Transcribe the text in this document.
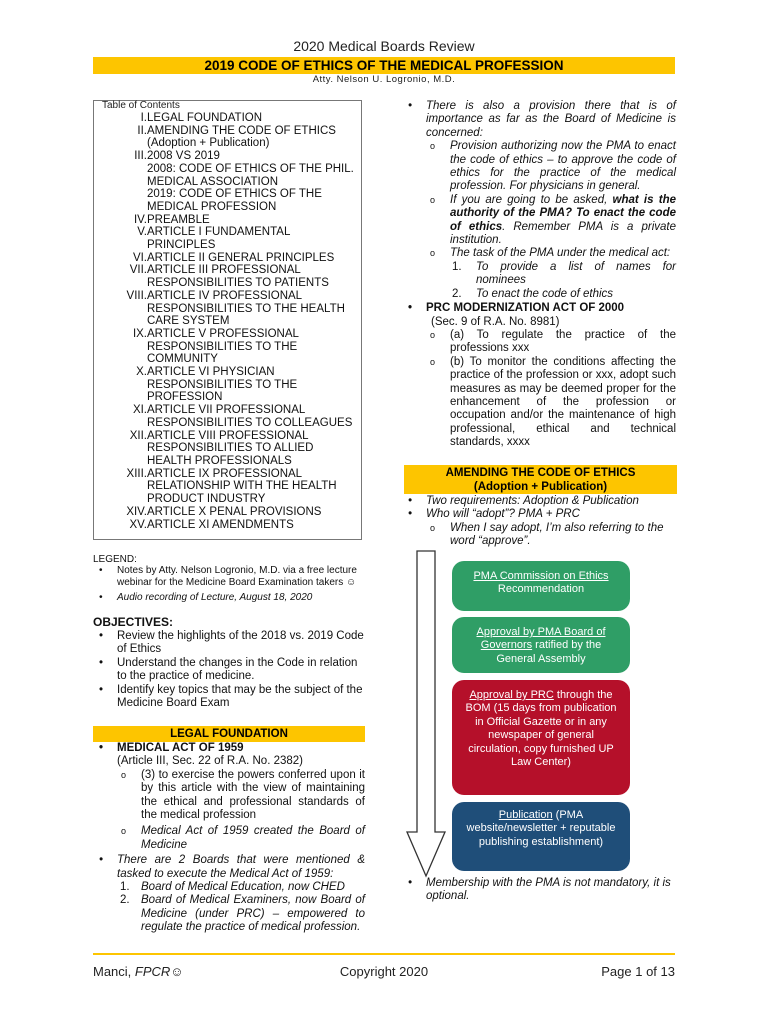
2020 Medical Boards Review
2019 CODE OF ETHICS OF THE MEDICAL PROFESSION
Atty. Nelson U. Logronio, M.D.
Table of Contents
I. LEGAL FOUNDATION
II. AMENDING THE CODE OF ETHICS
(Adoption + Publication)
III. 2008 VS 2019
2008: CODE OF ETHICS OF THE PHIL. MEDICAL ASSOCIATION
2019: CODE OF ETHICS OF THE MEDICAL PROFESSION
IV. PREAMBLE
V. ARTICLE I FUNDAMENTAL PRINCIPLES
VI. ARTICLE II GENERAL PRINCIPLES
VII. ARTICLE III PROFESSIONAL RESPONSIBILITIES TO PATIENTS
VIII. ARTICLE IV PROFESSIONAL RESPONSIBILITIES TO THE HEALTH CARE SYSTEM
IX. ARTICLE V PROFESSIONAL RESPONSIBILITIES TO THE COMMUNITY
X. ARTICLE VI PHYSICIAN RESPONSIBILITIES TO THE PROFESSION
XI. ARTICLE VII PROFESSIONAL RESPONSIBILITIES TO COLLEAGUES
XII. ARTICLE VIII PROFESSIONAL RESPONSIBILITIES TO ALLIED HEALTH PROFESSIONALS
XIII. ARTICLE IX PROFESSIONAL RELATIONSHIP WITH THE HEALTH PRODUCT INDUSTRY
XIV. ARTICLE X PENAL PROVISIONS
XV. ARTICLE XI AMENDMENTS
LEGEND:
• Notes by Atty. Nelson Logronio, M.D. via a free lecture webinar for the Medicine Board Examination takers ☺
• Audio recording of Lecture, August 18, 2020
OBJECTIVES:
• Review the highlights of the 2018 vs. 2019 Code of Ethics
• Understand the changes in the Code in relation to the practice of medicine.
• Identify key topics that may be the subject of the Medicine Board Exam
LEGAL FOUNDATION
• MEDICAL ACT OF 1959
(Article III, Sec. 22 of R.A. No. 2382)
o (3) to exercise the powers conferred upon it by this article with the view of maintaining the ethical and professional standards of the medical profession
o Medical Act of 1959 created the Board of Medicine
• There are 2 Boards that were mentioned & tasked to execute the Medical Act of 1959:
1. Board of Medical Education, now CHED
2. Board of Medical Examiners, now Board of Medicine (under PRC) – empowered to regulate the practice of medical profession.
• There is also a provision there that is of importance as far as the Board of Medicine is concerned:
o Provision authorizing now the PMA to enact the code of ethics – to approve the code of ethics for the practice of the medical profession. For physicians in general.
o If you are going to be asked, what is the authority of the PMA? To enact the code of ethics. Remember PMA is a private institution.
o The task of the PMA under the medical act:
1. To provide a list of names for nominees
2. To enact the code of ethics
• PRC MODERNIZATION ACT OF 2000
(Sec. 9 of R.A. No. 8981)
o (a) To regulate the practice of the professions xxx
o (b) To monitor the conditions affecting the practice of the profession or xxx, adopt such measures as may be deemed proper for the enhancement of the profession or occupation and/or the maintenance of high professional, ethical and technical standards, xxxx
AMENDING THE CODE OF ETHICS
(Adoption + Publication)
• Two requirements: Adoption & Publication
• Who will “adopt”? PMA + PRC
o When I say adopt, I’m also referring to the word “approve”.
PMA Commission on Ethics
Recommendation
Approval by PMA Board of Governors ratified by the General Assembly
Approval by PRC through the BOM (15 days from publication in Official Gazette or in any newspaper of general circulation, copy furnished UP Law Center)
Publication (PMA website/newsletter + reputable publishing establishment)
• Membership with the PMA is not mandatory, it is optional.
Manci, FPCR☺	Copyright 2020	Page 1 of 13
